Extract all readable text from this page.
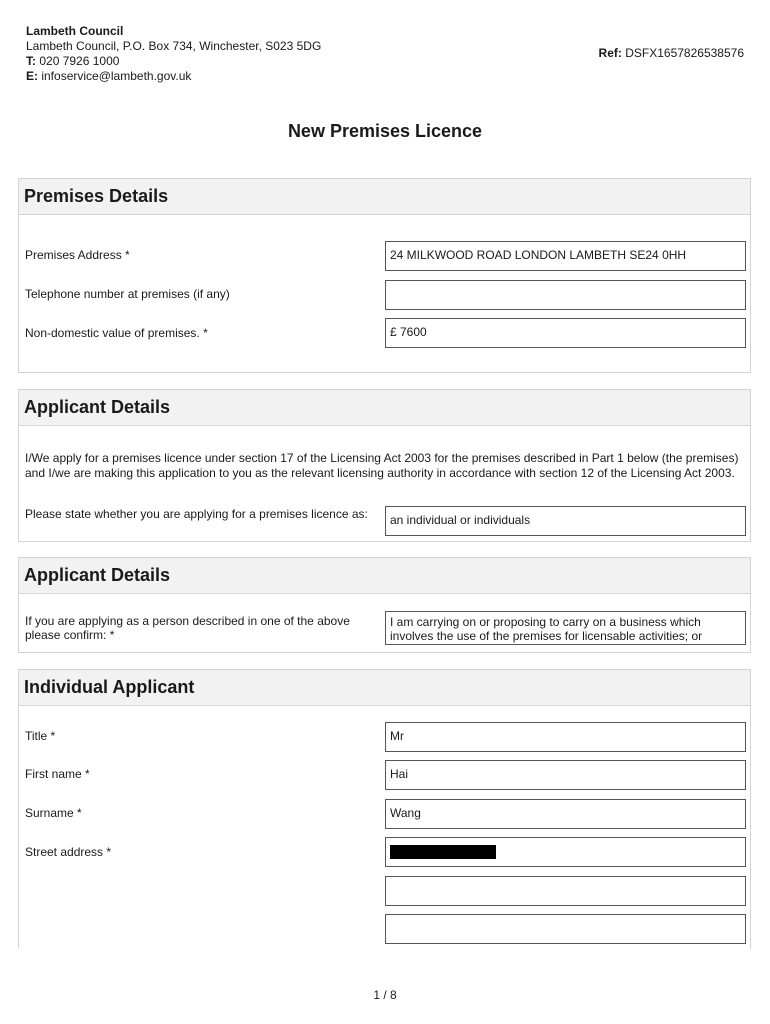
Lambeth Council
Lambeth Council, P.O. Box 734, Winchester, S023 5DG
T: 020 7926 1000
E: infoservice@lambeth.gov.uk
Ref: DSFX1657826538576
New Premises Licence
Premises Details
Premises Address *	24 MILKWOOD ROAD LONDON LAMBETH SE24 0HH
Telephone number at premises (if any)
Non-domestic value of premises. *	£ 7600
Applicant Details
I/We apply for a premises licence under section 17 of the Licensing Act 2003 for the premises described in Part 1 below (the premises) and I/we are making this application to you as the relevant licensing authority in accordance with section 12 of the Licensing Act 2003.
Please state whether you are applying for a premises licence as:	an individual or individuals
Applicant Details
If you are applying as a person described in one of the above please confirm: *
I am carrying on or proposing to carry on a business which involves the use of the premises for licensable activities; or
Individual Applicant
Title *	Mr
First name *	Hai
Surname *	Wang
Street address *
1 / 8
